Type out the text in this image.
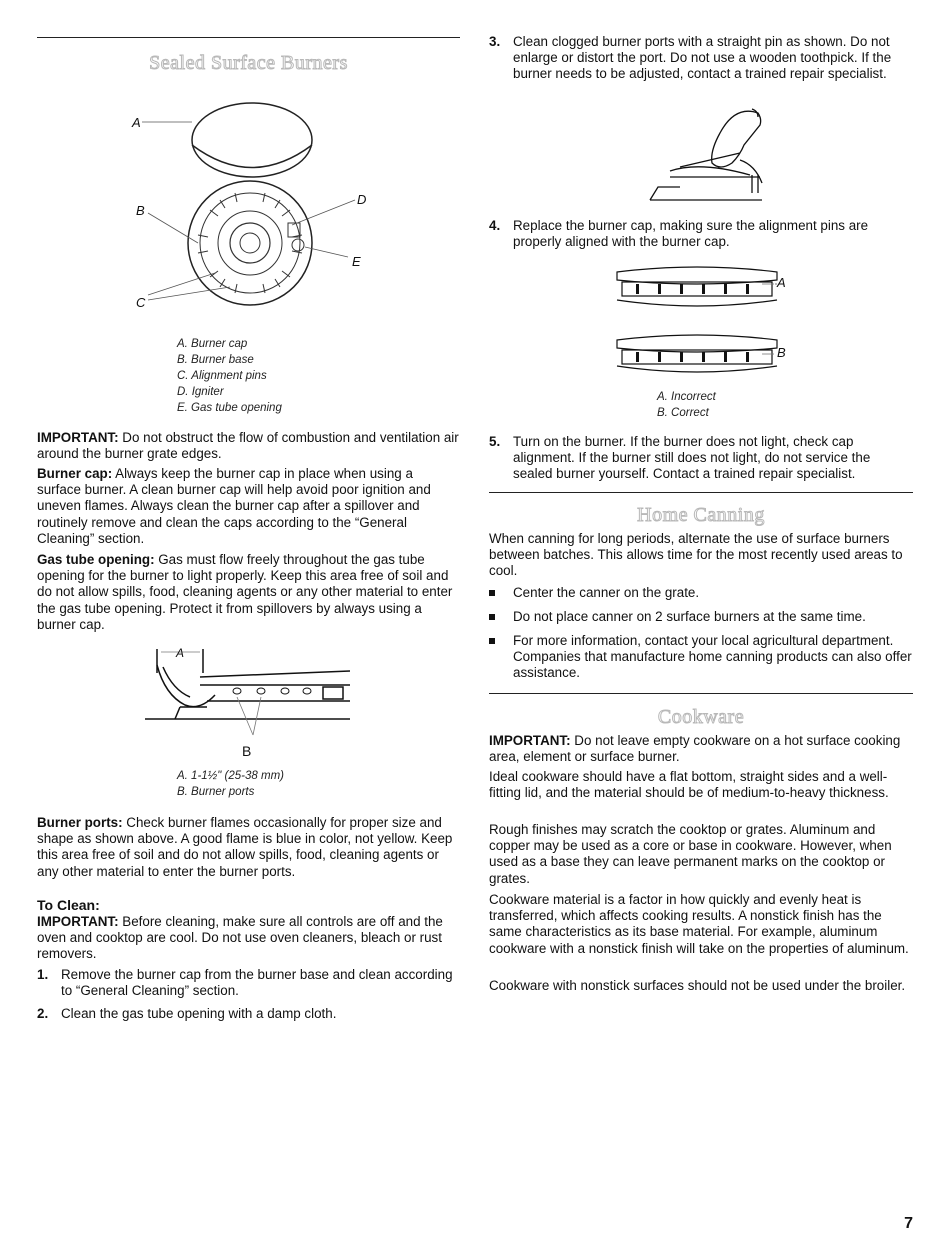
Sealed Surface Burners
A
B
C
D
E
A. Burner cap
B. Burner base
C. Alignment pins
D. Igniter
E. Gas tube opening
IMPORTANT: Do not obstruct the flow of combustion and ventilation air around the burner grate edges.
Burner cap: Always keep the burner cap in place when using a surface burner. A clean burner cap will help avoid poor ignition and uneven flames. Always clean the burner cap after a spillover and routinely remove and clean the caps according to the “General Cleaning” section.
Gas tube opening: Gas must flow freely throughout the gas tube opening for the burner to light properly. Keep this area free of soil and do not allow spills, food, cleaning agents or any other material to enter the gas tube opening. Protect it from spillovers by always using a burner cap.
A
B
A. 1-1½" (25-38 mm)
B. Burner ports
Burner ports: Check burner flames occasionally for proper size and shape as shown above. A good flame is blue in color, not yellow. Keep this area free of soil and do not allow spills, food, cleaning agents or any other material to enter the burner ports.
To Clean:
IMPORTANT: Before cleaning, make sure all controls are off and the oven and cooktop are cool. Do not use oven cleaners, bleach or rust removers.
1. Remove the burner cap from the burner base and clean according to “General Cleaning” section.
2. Clean the gas tube opening with a damp cloth.
3. Clean clogged burner ports with a straight pin as shown. Do not enlarge or distort the port. Do not use a wooden toothpick. If the burner needs to be adjusted, contact a trained repair specialist.
4. Replace the burner cap, making sure the alignment pins are properly aligned with the burner cap.
A
B
A. Incorrect
B. Correct
5. Turn on the burner. If the burner does not light, check cap alignment. If the burner still does not light, do not service the sealed burner yourself. Contact a trained repair specialist.
Home Canning
When canning for long periods, alternate the use of surface burners between batches. This allows time for the most recently used areas to cool.
Center the canner on the grate.
Do not place canner on 2 surface burners at the same time.
For more information, contact your local agricultural department. Companies that manufacture home canning products can also offer assistance.
Cookware
IMPORTANT: Do not leave empty cookware on a hot surface cooking area, element or surface burner.
Ideal cookware should have a flat bottom, straight sides and a well-fitting lid, and the material should be of medium-to-heavy thickness.
Rough finishes may scratch the cooktop or grates. Aluminum and copper may be used as a core or base in cookware. However, when used as a base they can leave permanent marks on the cooktop or grates.
Cookware material is a factor in how quickly and evenly heat is transferred, which affects cooking results. A nonstick finish has the same characteristics as its base material. For example, aluminum cookware with a nonstick finish will take on the properties of aluminum.
Cookware with nonstick surfaces should not be used under the broiler.
7
